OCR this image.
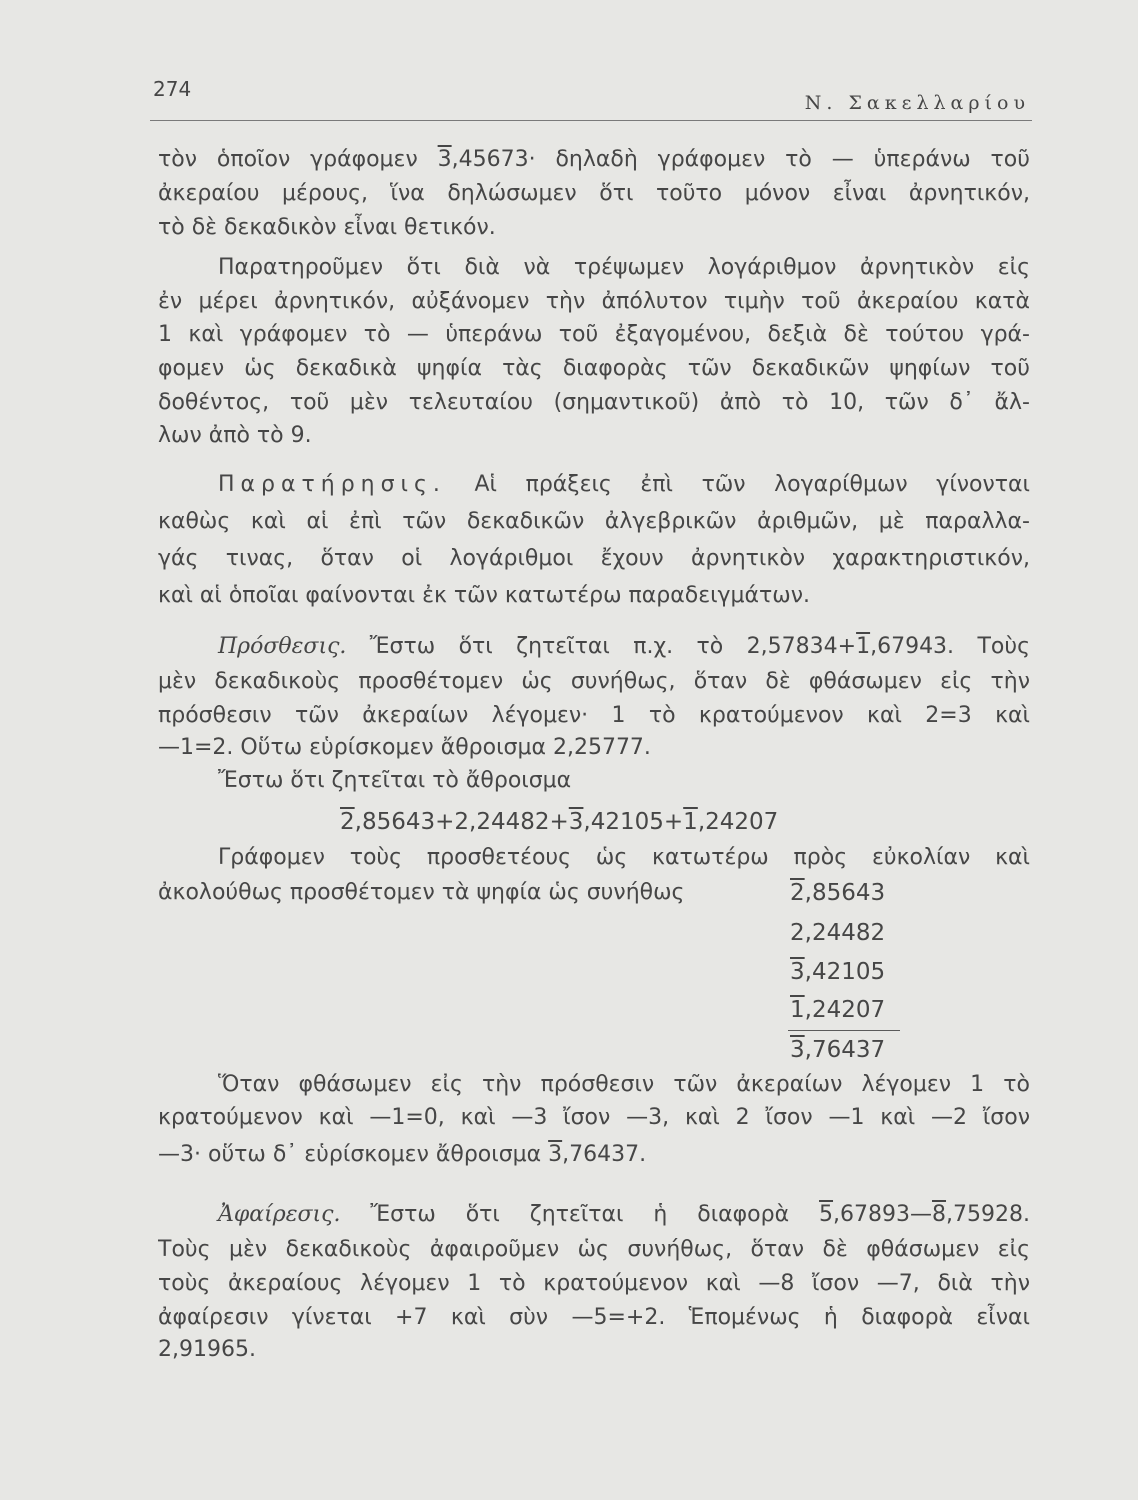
274
Ν. Σακελλαρίου
τὸν ὁποῖον γράφομεν 3,45673· δηλαδὴ γράφομεν τὸ — ὑπεράνω τοῦ
ἀκεραίου μέρους, ἵνα δηλώσωμεν ὅτι τοῦτο μόνον εἶναι ἀρνητικόν,
τὸ δὲ δεκαδικὸν εἶναι θετικόν.
Παρατηροῦμεν ὅτι διὰ νὰ τρέψωμεν λογάριθμον ἀρνητικὸν εἰς
ἐν μέρει ἀρνητικόν, αὐξάνομεν τὴν ἀπόλυτον τιμὴν τοῦ ἀκεραίου κατὰ
1 καὶ γράφομεν τὸ — ὑπεράνω τοῦ ἐξαγομένου, δεξιὰ δὲ τούτου γρά-
φομεν ὡς δεκαδικὰ ψηφία τὰς διαφορὰς τῶν δεκαδικῶν ψηφίων τοῦ
δοθέντος, τοῦ μὲν τελευταίου (σημαντικοῦ) ἀπὸ τὸ 10, τῶν δ᾽ ἄλ-
λων ἀπὸ τὸ 9.
Παρατήρησις. Αἱ πράξεις ἐπὶ τῶν λογαρίθμων γίνονται
καθὼς καὶ αἱ ἐπὶ τῶν δεκαδικῶν ἀλγεβρικῶν ἀριθμῶν, μὲ παραλλα-
γάς τινας, ὅταν οἱ λογάριθμοι ἔχουν ἀρνητικὸν χαρακτηριστικόν,
καὶ αἱ ὁποῖαι φαίνονται ἐκ τῶν κατωτέρω παραδειγμάτων.
Πρόσθεσις. Ἔστω ὅτι ζητεῖται π.χ. τὸ 2,57834+1,67943. Τοὺς
μὲν δεκαδικοὺς προσθέτομεν ὡς συνήθως, ὅταν δὲ φθάσωμεν εἰς τὴν
πρόσθεσιν τῶν ἀκεραίων λέγομεν· 1 τὸ κρατούμενον καὶ 2=3 καὶ
—1=2. Οὕτω εὑρίσκομεν ἄθροισμα 2,25777.
Ἔστω ὅτι ζητεῖται τὸ ἄθροισμα
2,85643+2,24482+3,42105+1,24207
Γράφομεν τοὺς προσθετέους ὡς κατωτέρω πρὸς εὐκολίαν καὶ
ἀκολούθως προσθέτομεν τὰ ψηφία ὡς συνήθως	2,85643
2,24482
3,42105
1,24207
3,76437
Ὅταν φθάσωμεν εἰς τὴν πρόσθεσιν τῶν ἀκεραίων λέγομεν 1 τὸ
κρατούμενον καὶ —1=0, καὶ —3 ἴσον —3, καὶ 2 ἴσον —1 καὶ —2 ἴσον
—3· οὕτω δ᾽ εὑρίσκομεν ἄθροισμα 3,76437.
Ἀφαίρεσις. Ἔστω ὅτι ζητεῖται ἡ διαφορὰ 5,67893—8,75928.
Τοὺς μὲν δεκαδικοὺς ἀφαιροῦμεν ὡς συνήθως, ὅταν δὲ φθάσωμεν εἰς
τοὺς ἀκεραίους λέγομεν 1 τὸ κρατούμενον καὶ —8 ἴσον —7, διὰ τὴν
ἀφαίρεσιν γίνεται +7 καὶ σὺν —5=+2. Ἑπομένως ἡ διαφορὰ εἶναι
2,91965.
